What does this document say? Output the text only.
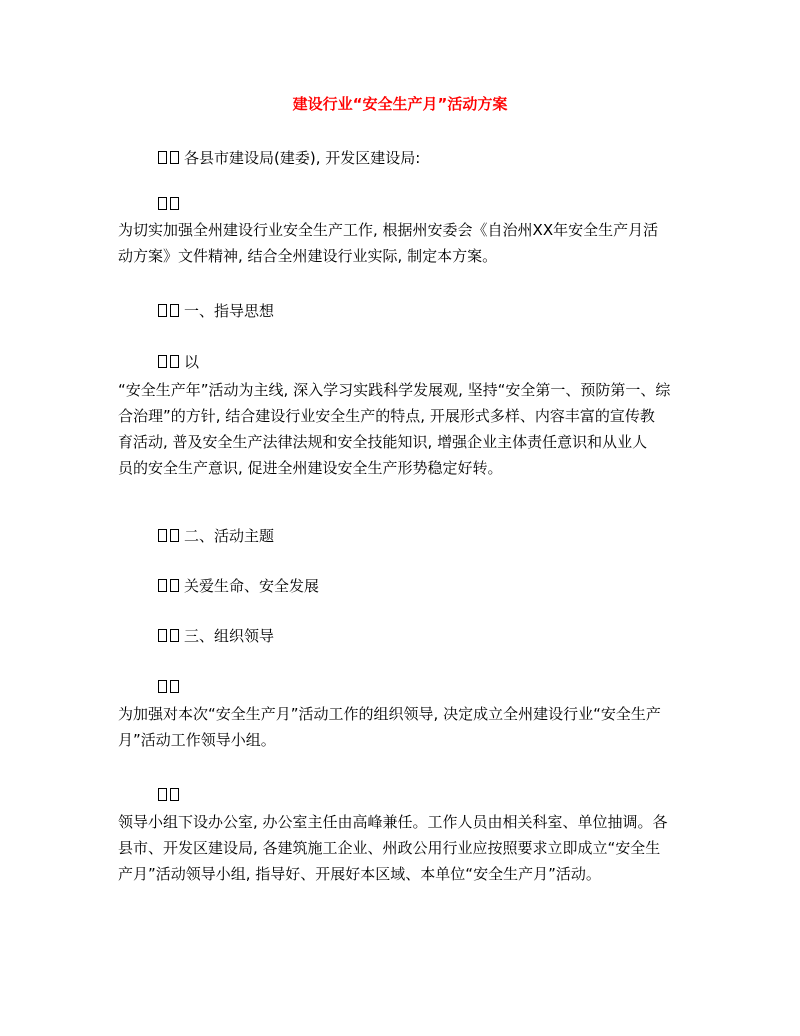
建设行业“安全生产月”活动方案
各县市建设局(建委), 开发区建设局:
为切实加强全州建设行业安全生产工作, 根据州安委会《自治州XX年安全生产月活
动方案》文件精神, 结合全州建设行业实际, 制定本方案。
一、指导思想
以
“安全生产年”活动为主线, 深入学习实践科学发展观, 坚持“安全第一、预防第一、综
合治理”的方针, 结合建设行业安全生产的特点, 开展形式多样、内容丰富的宣传教
育活动, 普及安全生产法律法规和安全技能知识, 增强企业主体责任意识和从业人
员的安全生产意识, 促进全州建设安全生产形势稳定好转。
二、活动主题
关爱生命、安全发展
三、组织领导
为加强对本次“安全生产月”活动工作的组织领导, 决定成立全州建设行业“安全生产
月”活动工作领导小组。
领导小组下设办公室, 办公室主任由高峰兼任。工作人员由相关科室、单位抽调。各
县市、开发区建设局, 各建筑施工企业、州政公用行业应按照要求立即成立“安全生
产月”活动领导小组, 指导好、开展好本区域、本单位“安全生产月”活动。
